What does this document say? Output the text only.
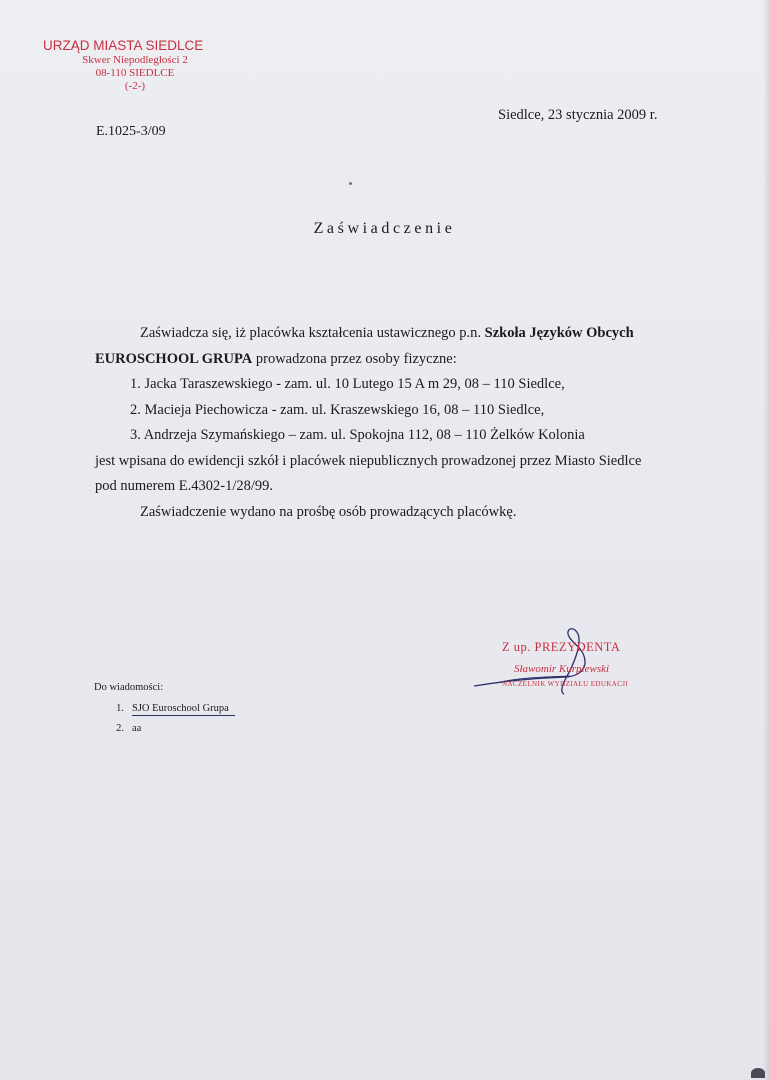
URZĄD MIASTA SIEDLCE
Skwer Niepodległości 2
08-110 SIEDLCE
(-2-)
E.1025-3/09
Siedlce, 23 stycznia 2009 r.
Zaświadczenie

Zaświadcza się, iż placówka kształcenia ustawicznego p.n. Szkoła Języków Obcych

EUROSCHOOL GRUPA prowadzona przez osoby fizyczne:

1. Jacka Taraszewskiego - zam. ul. 10 Lutego 15 A m 29, 08 – 110 Siedlce,
2. Macieja Piechowicza - zam. ul. Kraszewskiego 16, 08 – 110 Siedlce,
3. Andrzeja Szymańskiego – zam. ul. Spokojna 112, 08 – 110 Żelków Kolonia

jest wpisana do ewidencji szkół i placówek niepublicznych prowadzonej przez Miasto Siedlce

pod numerem E.4302-1/28/99.

Zaświadczenie wydano na prośbę osób prowadzących placówkę.

Z up. PREZYDENTA
Sławomir Kurpiewski
NACZELNIK WYDZIAŁU EDUKACJI
Do wiadomości:
1. SJO Euroschool Grupa
2. aa
